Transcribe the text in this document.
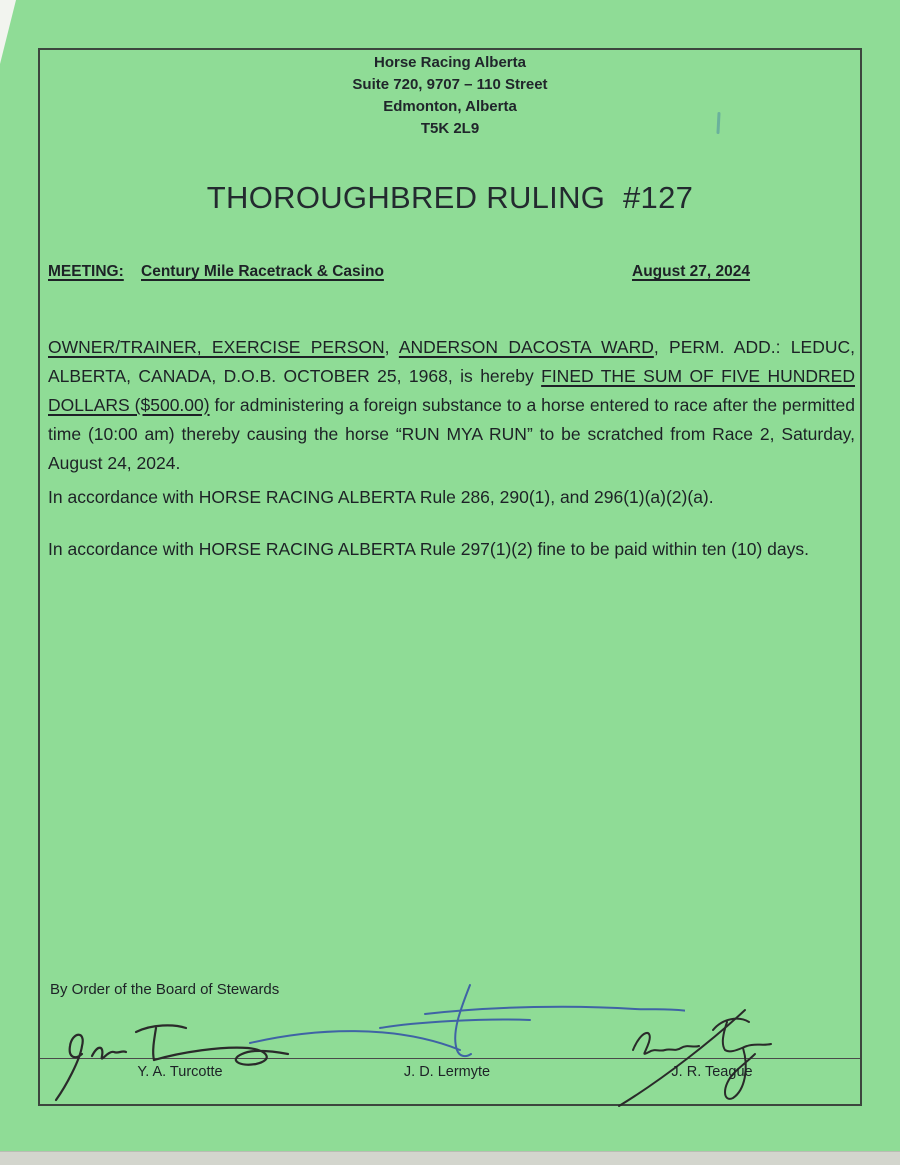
Horse Racing Alberta
Suite 720, 9707 – 110 Street
Edmonton, Alberta
T5K 2L9
THOROUGHBRED RULING  #127
MEETING: Century Mile Racetrack & Casino	August 27, 2024
OWNER/TRAINER, EXERCISE PERSON, ANDERSON DACOSTA WARD, PERM. ADD.: LEDUC, ALBERTA, CANADA, D.O.B. OCTOBER 25, 1968, is hereby FINED THE SUM OF FIVE HUNDRED DOLLARS ($500.00) for administering a foreign substance to a horse entered to race after the permitted time (10:00 am) thereby causing the horse “RUN MYA RUN” to be scratched from Race 2, Saturday, August 24, 2024.
In accordance with HORSE RACING ALBERTA Rule 286, 290(1), and 296(1)(a)(2)(a).
In accordance with HORSE RACING ALBERTA Rule 297(1)(2) fine to be paid within ten (10) days.
By Order of the Board of Stewards
Y. A. Turcotte	J. D. Lermyte	J. R. Teague
